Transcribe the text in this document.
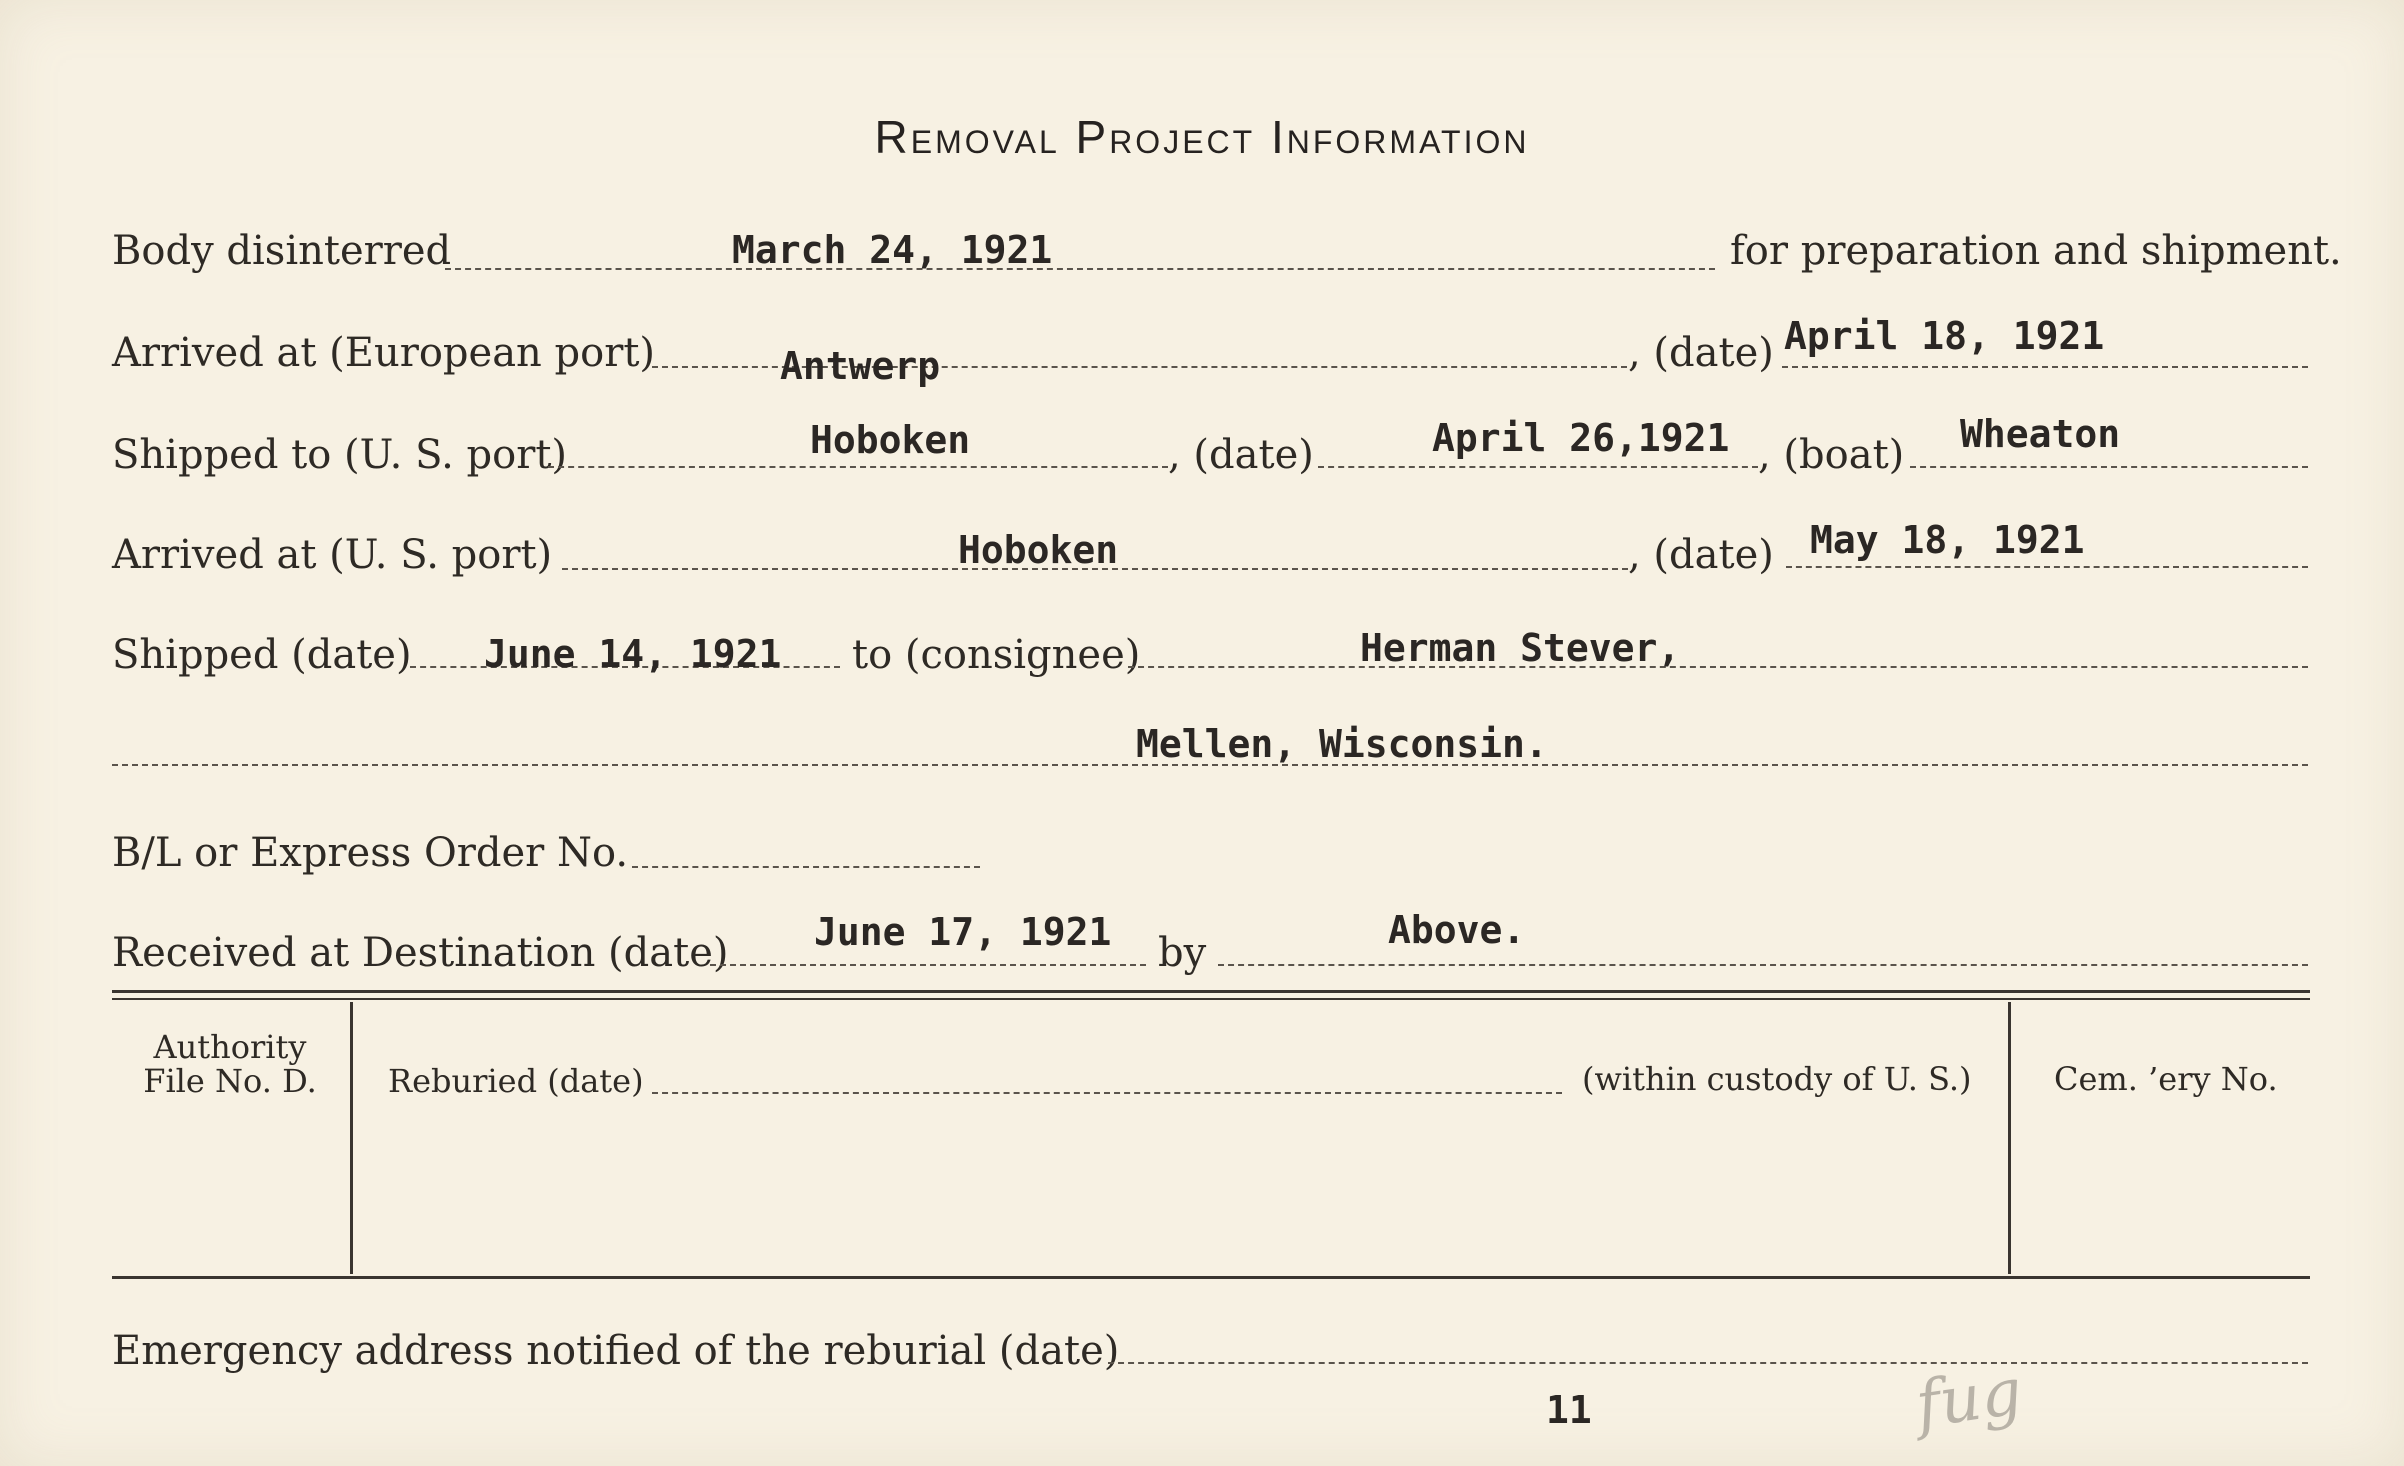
Removal Project Information
Body disinterred	March 24, 1921	for preparation and shipment.
Arrived at (European port)	Antwerp	, (date) April 18, 1921
Shipped to (U. S. port)	Hoboken	, (date)	April 26,1921 , (boat) Wheaton
Arrived at (U. S. port)	Hoboken	, (date) May 18, 1921
Shipped (date) June 14, 1921 to (consignee)	Herman Stever,
Mellen, Wisconsin.
B/L or Express Order No.
Received at Destination (date) June 17, 1921 by	Above.
Authority
File No. D.	Reburied (date)	(within custody of U. S.)	Cem. ’ery No.
Emergency address notified of the reburial (date)
11	fug
